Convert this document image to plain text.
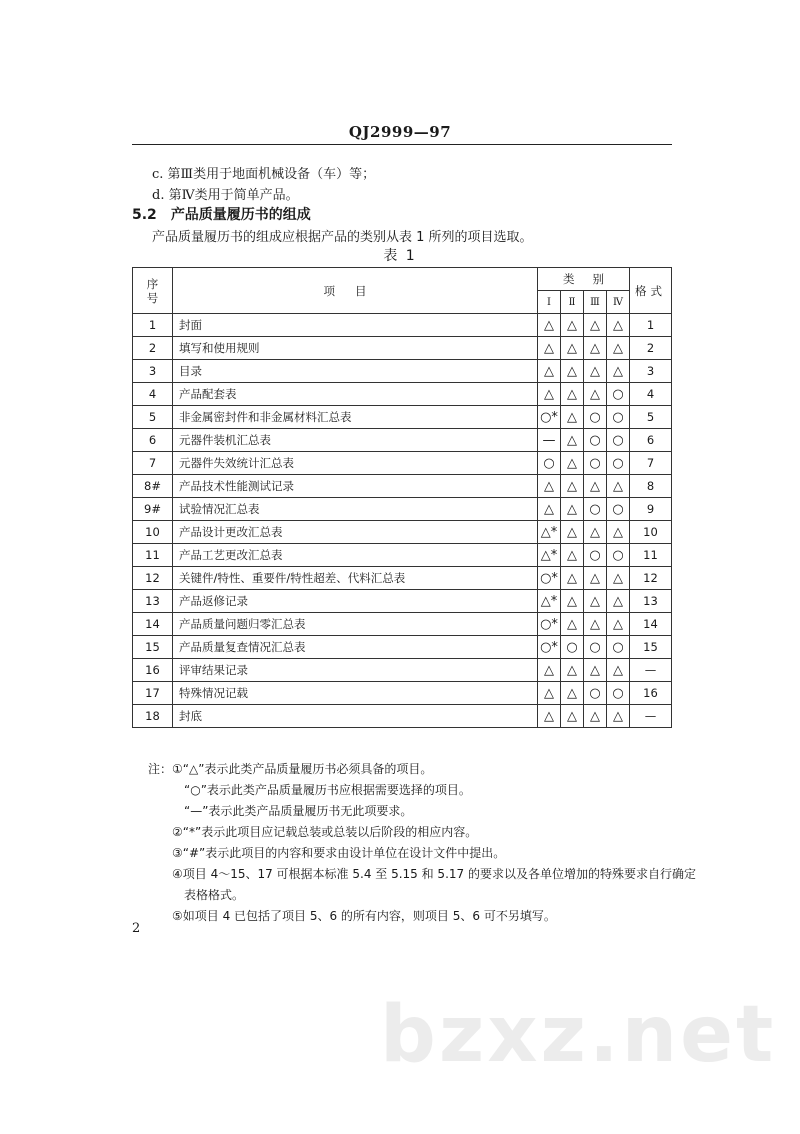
QJ2999—97
c. 第Ⅲ类用于地面机械设备（车）等；
d. 第Ⅳ类用于简单产品。
5.2 产品质量履历书的组成
产品质量履历书的组成应根据产品的类别从表 1 所列的项目选取。
表 1
序
号	项目	类别				格式
		Ⅰ	Ⅱ	Ⅲ	Ⅳ	
1	封面	△	△	△	△	1
2	填写和使用规则	△	△	△	△	2
3	目录	△	△	△	△	3
4	产品配套表	△	△	△	○	4
5	非金属密封件和非金属材料汇总表	○*	△	○	○	5
6	元器件装机汇总表	—	△	○	○	6
7	元器件失效统计汇总表	○	△	○	○	7
8#	产品技术性能测试记录	△	△	△	△	8
9#	试验情况汇总表	△	△	○	○	9
10	产品设计更改汇总表	△*	△	△	△	10
11	产品工艺更改汇总表	△*	△	○	○	11
12	关键件/特性、重要件/特性超差、代料汇总表	○*	△	△	△	12
13	产品返修记录	△*	△	△	△	13
14	产品质量问题归零汇总表	○*	△	△	△	14
15	产品质量复查情况汇总表	○*	○	○	○	15
16	评审结果记录	△	△	△	△	—
17	特殊情况记载	△	△	○	○	16
18	封底	△	△	△	△	—
注：①“△”表示此类产品质量履历书必须具备的项目。
“○”表示此类产品质量履历书应根据需要选择的项目。
“—”表示此类产品质量履历书无此项要求。
②“*”表示此项目应记载总装或总装以后阶段的相应内容。
③“#”表示此项目的内容和要求由设计单位在设计文件中提出。
④项目 4～15、17 可根据本标准 5.4 至 5.15 和 5.17 的要求以及各单位增加的特殊要求自行确定
表格格式。
⑤如项目 4 已包括了项目 5、6 的所有内容，则项目 5、6 可不另填写。
2
bzxz.net
